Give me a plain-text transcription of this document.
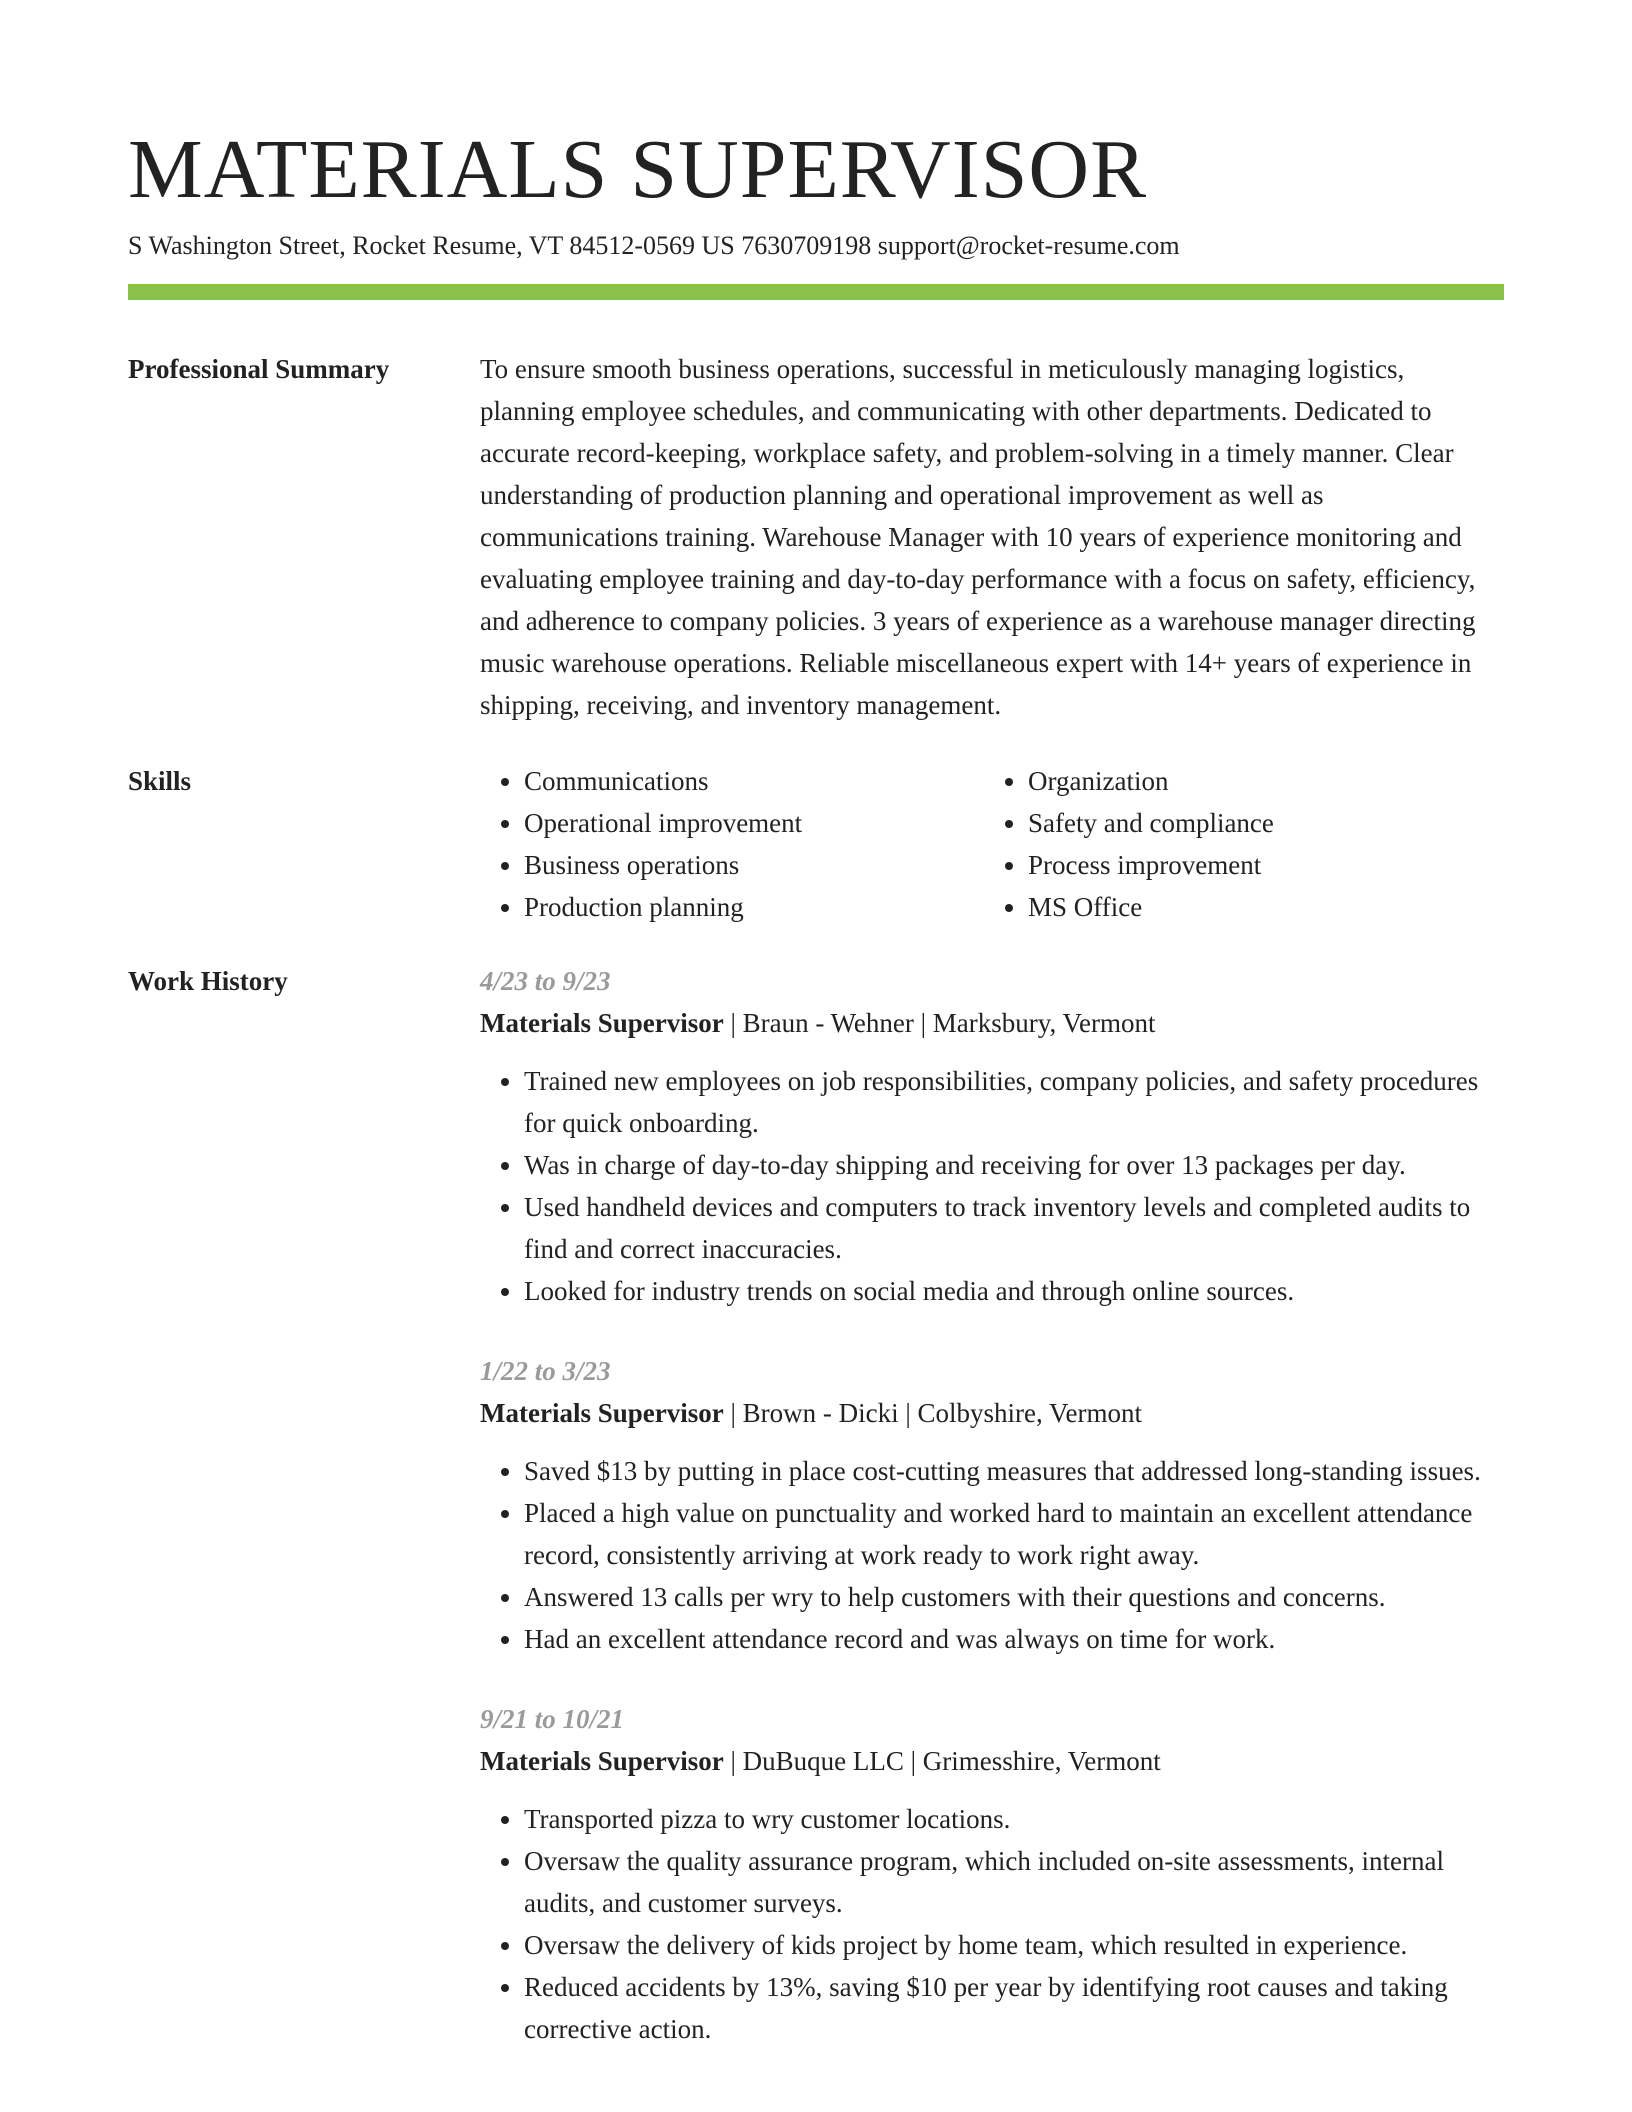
MATERIALS SUPERVISOR
S Washington Street, Rocket Resume, VT 84512-0569 US 7630709198 support@rocket-resume.com
Professional Summary	To ensure smooth business operations, successful in meticulously managing logistics, planning employee schedules, and communicating with other departments. Dedicated to accurate record-keeping, workplace safety, and problem-solving in a timely manner. Clear understanding of production planning and operational improvement as well as communications training. Warehouse Manager with 10 years of experience monitoring and evaluating employee training and day-to-day performance with a focus on safety, efficiency, and adherence to company policies. 3 years of experience as a warehouse manager directing music warehouse operations. Reliable miscellaneous expert with 14+ years of experience in shipping, receiving, and inventory management.

Skills
•	Communications
• Operational improvement
• Business operations
• Production planning
• Organization
• Safety and compliance
• Process improvement
• MS Office
Work History	4/23 to 9/23

Materials Supervisor | Braun - Wehner | Marksbury, Vermont

• Trained new employees on job responsibilities, company policies, and safety procedures for quick onboarding.
• Was in charge of day-to-day shipping and receiving for over 13 packages per day.
• Used handheld devices and computers to track inventory levels and completed audits to find and correct inaccuracies.
• Looked for industry trends on social media and through online sources.

1/22 to 3/23

Materials Supervisor | Brown - Dicki | Colbyshire, Vermont

• Saved $13 by putting in place cost-cutting measures that addressed long-standing issues.
• Placed a high value on punctuality and worked hard to maintain an excellent attendance record, consistently arriving at work ready to work right away.
• Answered 13 calls per wry to help customers with their questions and concerns.
• Had an excellent attendance record and was always on time for work.

9/21 to 10/21

Materials Supervisor | DuBuque LLC | Grimesshire, Vermont

• Transported pizza to wry customer locations.
• Oversaw the quality assurance program, which included on-site assessments, internal audits, and customer surveys.
• Oversaw the delivery of kids project by home team, which resulted in experience.
• Reduced accidents by 13%, saving $10 per year by identifying root causes and taking corrective action.
